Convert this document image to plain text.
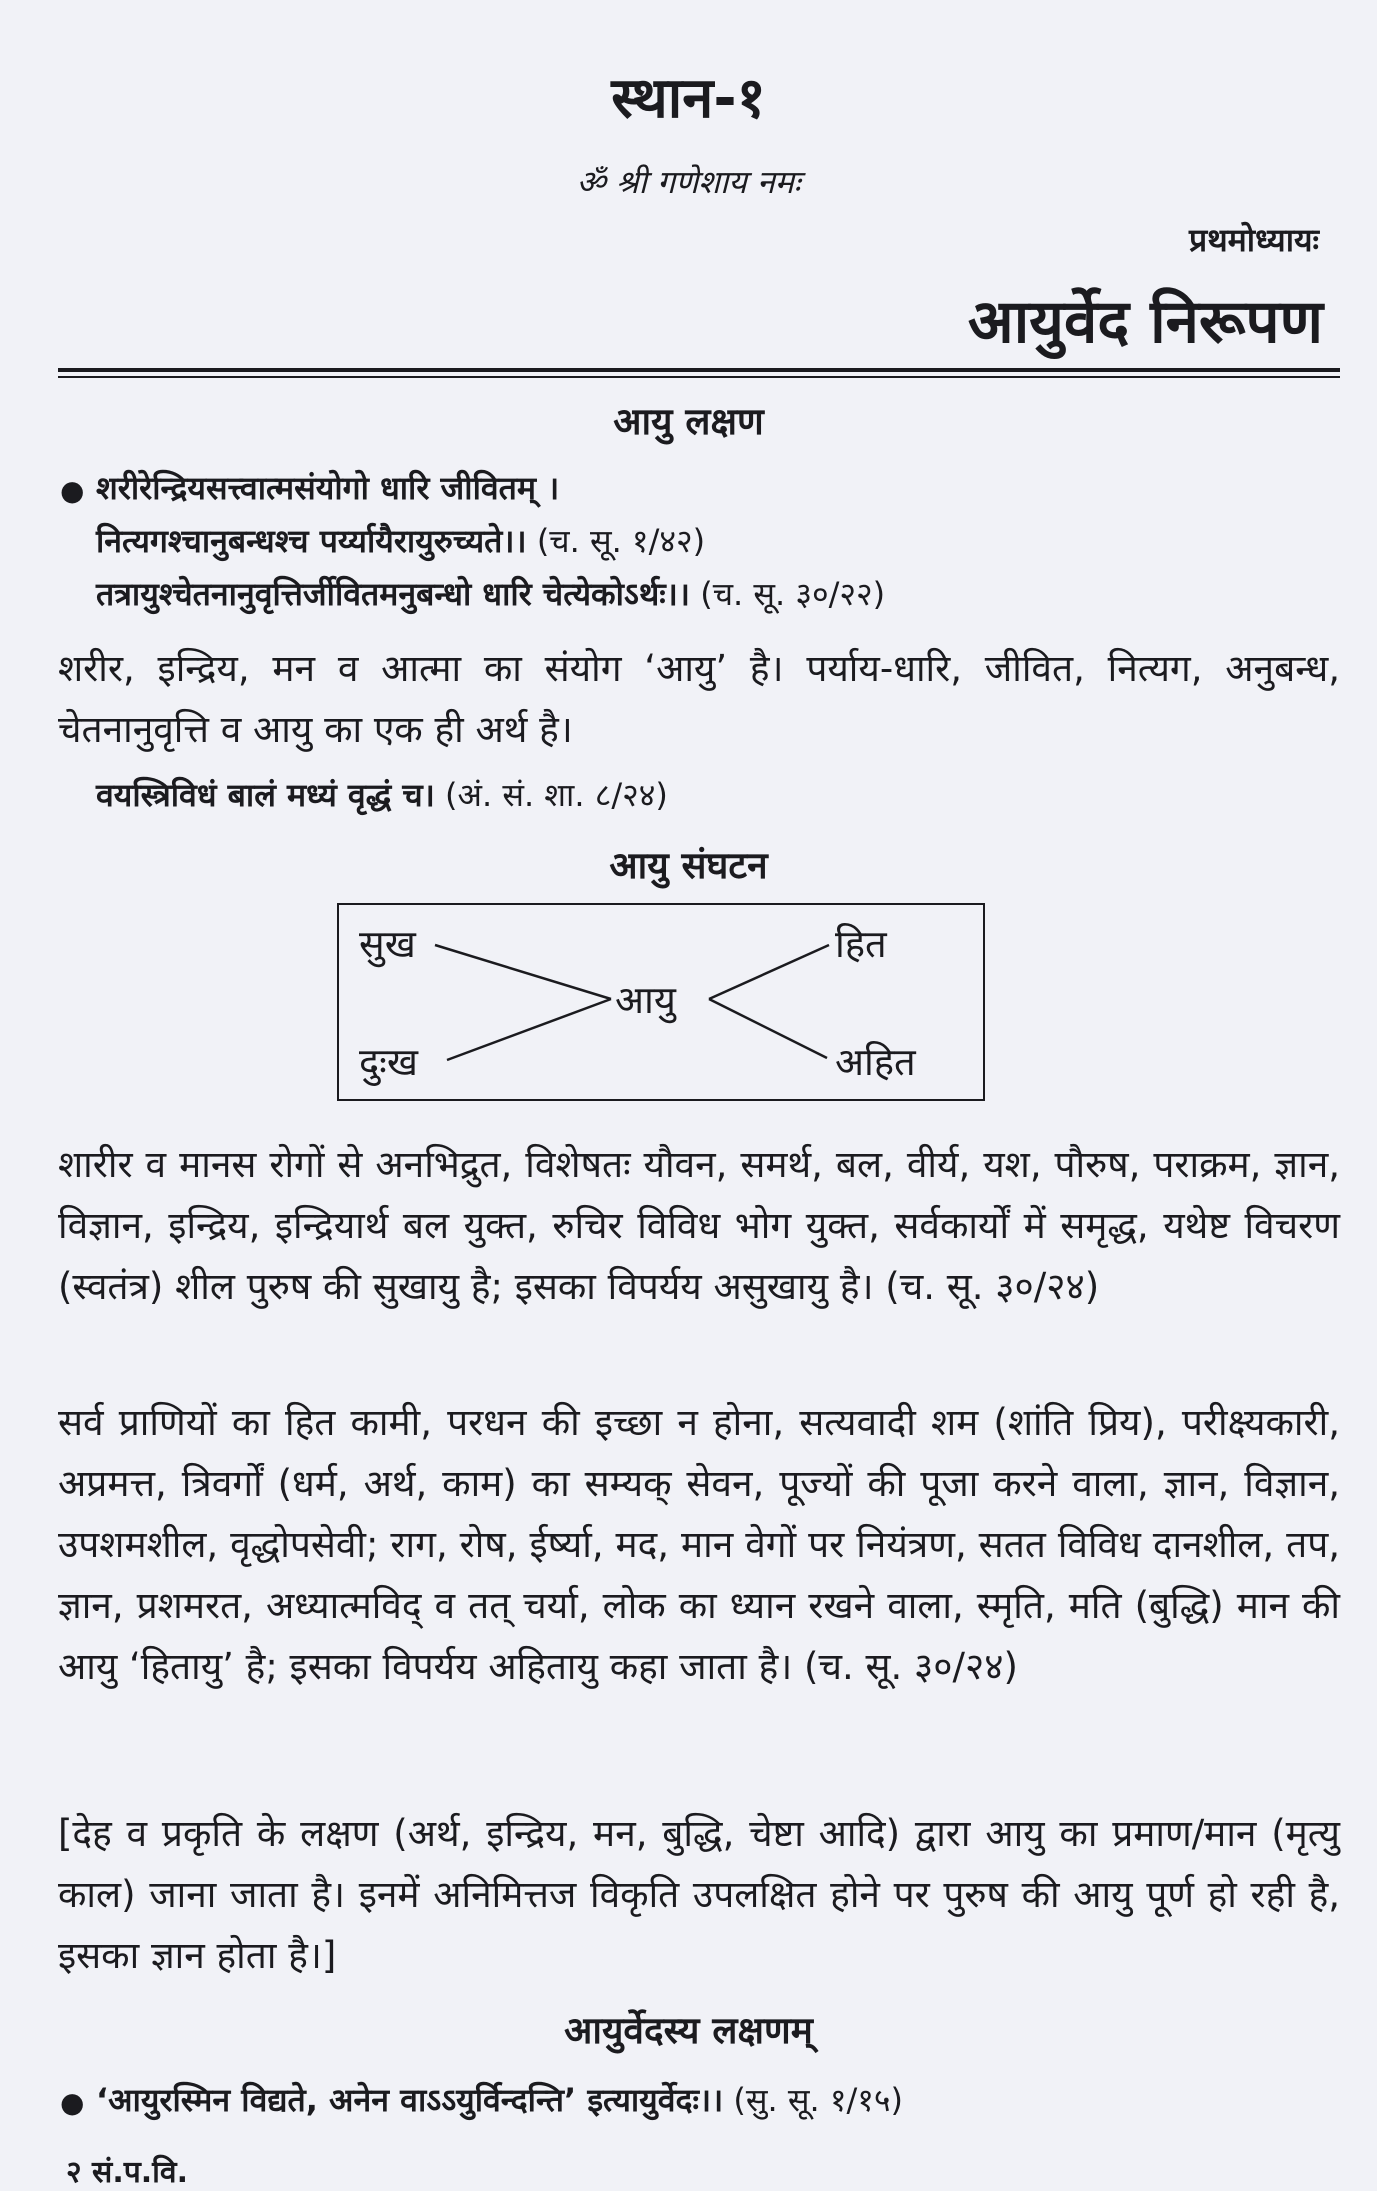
स्थान-१
ॐ श्री गणेशाय नमः
प्रथमोध्यायः
आयुर्वेद निरूपण
आयु लक्षण
● शरीरेन्द्रियसत्त्वात्मसंयोगो धारि जीवितम् ।
नित्यगश्चानुबन्धश्च पर्य्यायैरायुरुच्यते।। (च. सू. १/४२)
तत्रायुश्चेतनानुवृत्तिर्जीवितमनुबन्धो धारि चेत्येकोऽर्थः।। (च. सू. ३०/२२)
शरीर, इन्द्रिय, मन व आत्मा का संयोग ‘आयु’ है। पर्याय-धारि, जीवित, नित्यग, अनुबन्ध, चेतनानुवृत्ति व आयु का एक ही अर्थ है।
वयस्त्रिविधं बालं मध्यं वृद्धं च। (अं. सं. शा. ८/२४)
आयु संघटन
सुख
दुःख
आयु
हित
अहित
शारीर व मानस रोगों से अनभिद्रुत, विशेषतः यौवन, समर्थ, बल, वीर्य, यश, पौरुष, पराक्रम, ज्ञान, विज्ञान, इन्द्रिय, इन्द्रियार्थ बल युक्त, रुचिर विविध भोग युक्त, सर्वकार्यों में समृद्ध, यथेष्ट विचरण (स्वतंत्र) शील पुरुष की सुखायु है; इसका विपर्यय असुखायु है। (च. सू. ३०/२४)
सर्व प्राणियों का हित कामी, परधन की इच्छा न होना, सत्यवादी शम (शांति प्रिय), परीक्ष्यकारी, अप्रमत्त, त्रिवर्गों (धर्म, अर्थ, काम) का सम्यक् सेवन, पूज्यों की पूजा करने वाला, ज्ञान, विज्ञान, उपशमशील, वृद्धोपसेवी; राग, रोष, ईर्ष्या, मद, मान वेगों पर नियंत्रण, सतत विविध दानशील, तप, ज्ञान, प्रशमरत, अध्यात्मविद् व तत् चर्या, लोक का ध्यान रखने वाला, स्मृति, मति (बुद्धि) मान की आयु ‘हितायु’ है; इसका विपर्यय अहितायु कहा जाता है। (च. सू. ३०/२४)
[देह व प्रकृति के लक्षण (अर्थ, इन्द्रिय, मन, बुद्धि, चेष्टा आदि) द्वारा आयु का प्रमाण/मान (मृत्यु काल) जाना जाता है। इनमें अनिमित्तज विकृति उपलक्षित होने पर पुरुष की आयु पूर्ण हो रही है, इसका ज्ञान होता है।]
आयुर्वेदस्य लक्षणम्
● ‘आयुरस्मिन विद्यते, अनेन वाऽऽयुर्विन्दन्ति’ इत्यायुर्वेदः।। (सु. सू. १/१५)
२ सं.प.वि.
